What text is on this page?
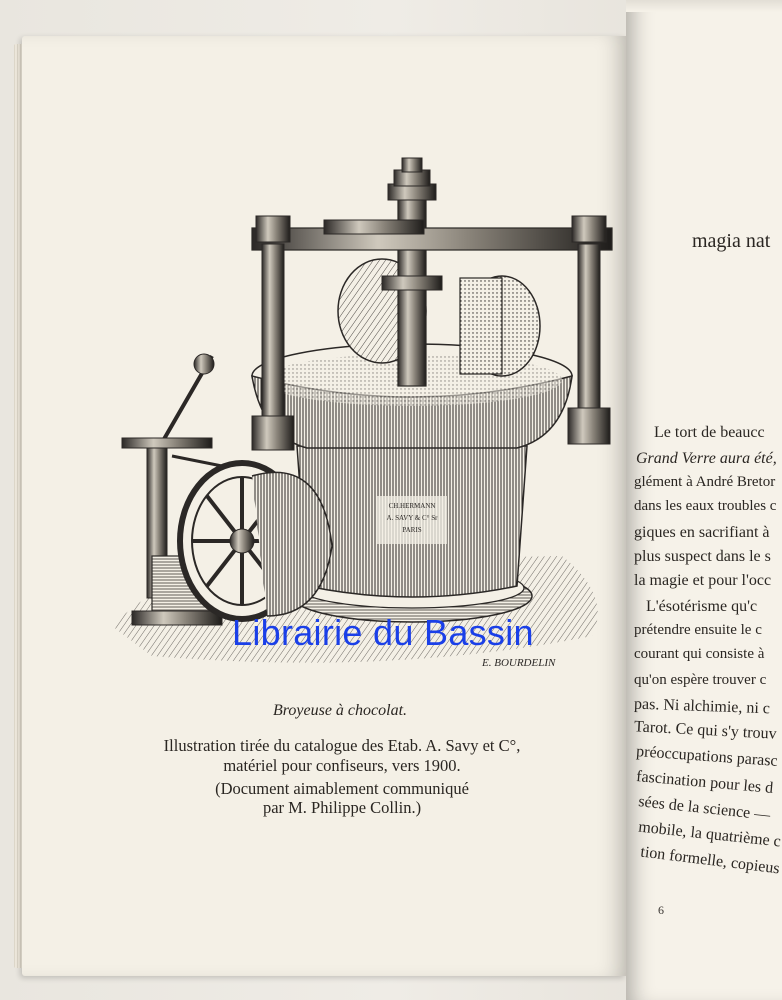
CH.HERMANN
A. SAVY & C° Sr
PARIS
E. BOURDELIN
Broyeuse à chocolat.
Illustration tirée du catalogue des Etab. A. Savy et C°,
matériel pour confiseurs, vers 1900.
(Document aimablement communiqué
par M. Philippe Collin.)
magia nat
Le tort de beaucc
Grand Verre aura été,
glément à André Bretor
dans les eaux troubles c
giques en sacrifiant à
plus suspect dans le s
la magie et pour l'occ
L'ésotérisme qu'c
prétendre ensuite le c
courant qui consiste à
qu'on espère trouver c
pas. Ni alchimie, ni c
Tarot. Ce qui s'y trouv
préoccupations parasc
fascination pour les d
sées de la science —
mobile, la quatrième c
tion formelle, copieus
6
Librairie du Bassin
